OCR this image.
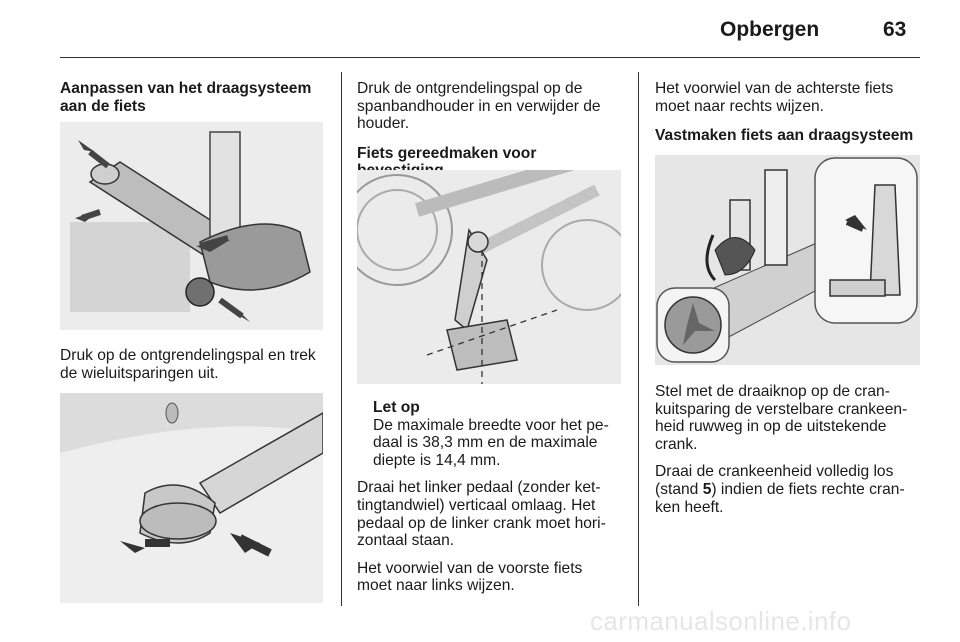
Opbergen	63
Aanpassen van het draagsysteem aan de fiets

Druk op de ontgrendelingspal en trek de wieluitsparingen uit.

Druk de ontgrendelingspal op de spanbandhouder in en verwijder de houder.

Fiets gereedmaken voor
Let op
De maximale breedte voor het pe-daal is 38,3 mm en de maximale diepte is 14,4 mm.

Draai het linker pedaal (zonder ket-tingtandwiel) verticaal omlaag. Het pedaal op de linker crank moet hori-zontaal staan.

Het voorwiel van de voorste fiets moet naar links wijzen.

Het voorwiel van de achterste fiets moet naar rechts wijzen.

Vastmaken fiets aan draagsysteem

Stel met de draaiknop op de cran-kuitsparing de verstelbare crankeen-heid ruwweg in op de uitstekende crank.

Draai de crankeenheid volledig los (stand 5) indien de fiets rechte cran-ken heeft.

carmanualsonline.info
